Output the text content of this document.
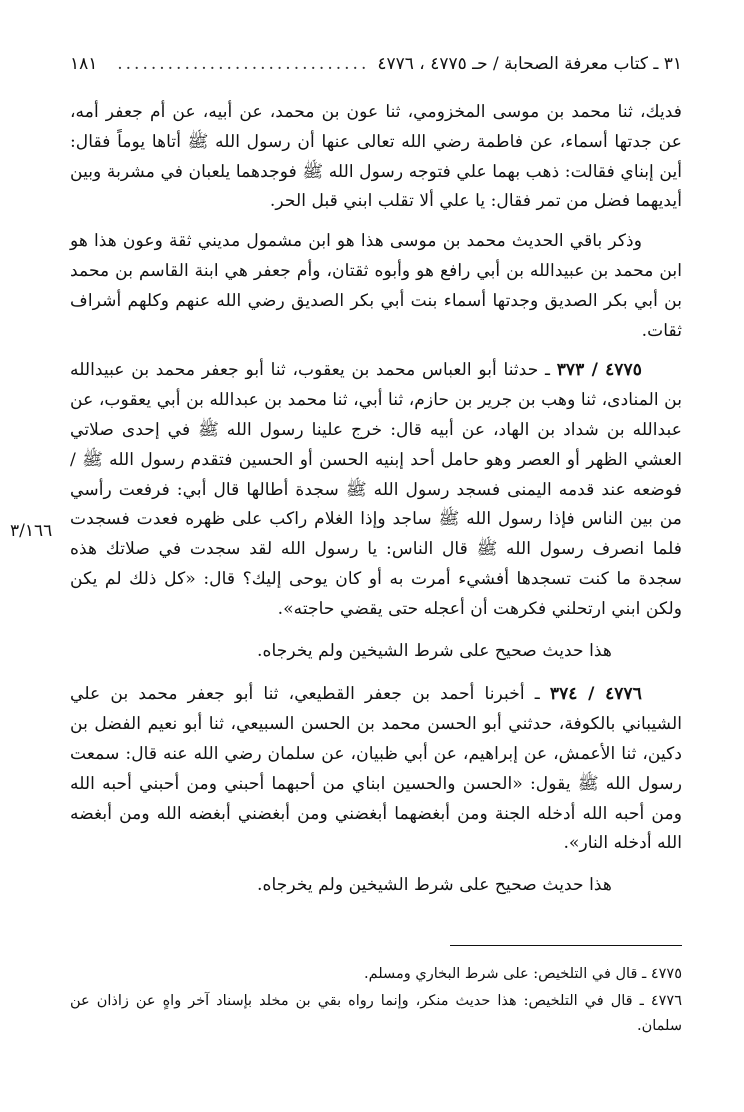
٣١ ـ كتاب معرفة الصحابة / حـ ٤٧٧٥ ، ٤٧٧٦
..............................
١٨١
٣/١٦٦

فديك، ثنا محمد بن موسى المخزومي، ثنا عون بن محمد، عن أبيه، عن أم جعفر أمه، عن جدتها أسماء، عن فاطمة رضي الله تعالى عنها أن رسول الله ﷺ أتاها يوماً فقال: أين إبناي فقالت: ذهب بهما علي فتوجه رسول الله ﷺ فوجدهما يلعبان في مشربة وبين أيديهما فضل من تمر فقال: يا علي ألا تقلب ابني قبل الحر.

وذكر باقي الحديث محمد بن موسى هذا هو ابن مشمول مديني ثقة وعون هذا هو ابن محمد بن عبيدالله بن أبي رافع هو وأبوه ثقتان، وأم جعفر هي ابنة القاسم بن محمد بن أبي بكر الصديق وجدتها أسماء بنت أبي بكر الصديق رضي الله عنهم وكلهم أشراف ثقات.

٤٧٧٥ / ٣٧٣ ـ حدثنا أبو العباس محمد بن يعقوب، ثنا أبو جعفر محمد بن عبيدالله بن المنادى، ثنا وهب بن جرير بن حازم، ثنا أبي، ثنا محمد بن عبدالله بن أبي يعقوب، عن عبدالله بن شداد بن الهاد، عن أبيه قال: خرج علينا رسول الله ﷺ في إحدى صلاتي العشي الظهر أو العصر وهو حامل أحد إبنيه الحسن أو الحسين فتقدم رسول الله ﷺ / فوضعه عند قدمه اليمنى فسجد رسول الله ﷺ سجدة أطالها قال أبي: فرفعت رأسي من بين الناس فإذا رسول الله ﷺ ساجد وإذا الغلام راكب على ظهره فعدت فسجدت فلما انصرف رسول الله ﷺ قال الناس: يا رسول الله لقد سجدت في صلاتك هذه سجدة ما كنت تسجدها أفشيء أمرت به أو كان يوحى إليك؟ قال: «كل ذلك لم يكن ولكن ابني ارتحلني فكرهت أن أعجله حتى يقضي حاجته».

هذا حديث صحيح على شرط الشيخين ولم يخرجاه.

٤٧٧٦ / ٣٧٤ ـ أخبرنا أحمد بن جعفر القطيعي، ثنا أبو جعفر محمد بن علي الشيباني بالكوفة، حدثني أبو الحسن محمد بن الحسن السبيعي، ثنا أبو نعيم الفضل بن دكين، ثنا الأعمش، عن إبراهيم، عن أبي ظبيان، عن سلمان رضي الله عنه قال: سمعت رسول الله ﷺ يقول: «الحسن والحسين ابناي من أحبهما أحبني ومن أحبني أحبه الله ومن أحبه الله أدخله الجنة ومن أبغضهما أبغضني ومن أبغضني أبغضه الله ومن أبغضه الله أدخله النار».

هذا حديث صحيح على شرط الشيخين ولم يخرجاه.

٤٧٧٥ ـ قال في التلخيص: على شرط البخاري ومسلم.

٤٧٧٦ ـ قال في التلخيص: هذا حديث منكر، وإنما رواه بقي بن مخلد بإسناد آخر واهٍ عن زاذان عن سلمان.
